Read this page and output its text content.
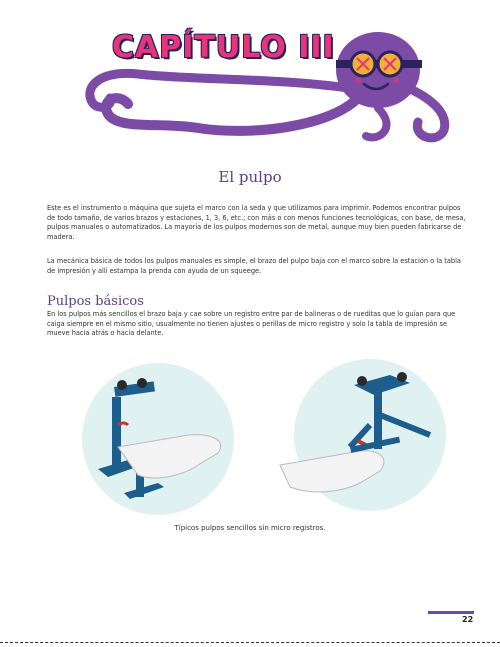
CAPÍTULO III
El pulpo
Este es el instrumento o máquina que sujeta el marco con la seda y que utilizamos para imprimir. Podemos encontrar pulpos de todo tamaño, de varios brazos y estaciones, 1, 3, 6, etc.; con más o con menos funciones tecnológicas, con base, de mesa, pulpos manuales o automatizados. La mayoría de los pulpos modernos son de metal, aunque muy bien pueden fabricarse de madera.
La mecánica básica de todos los pulpos manuales es simple, el brazo del pulpo baja con el marco sobre la estación o la tabla de impresión y allí estampa la prenda con ayuda de un squeege.
Pulpos básicos
En los pulpos más sencillos el brazo baja y cae sobre un registro entre par de balineras o de rueditas que lo guían para que caiga siempre en el mismo sitio, usualmente no tienen ajustes o perillas de micro registro y solo la tabla de impresión se mueve hacia atrás o hacia delante.
Típicos pulpos sencillos sin micro registros.
22
